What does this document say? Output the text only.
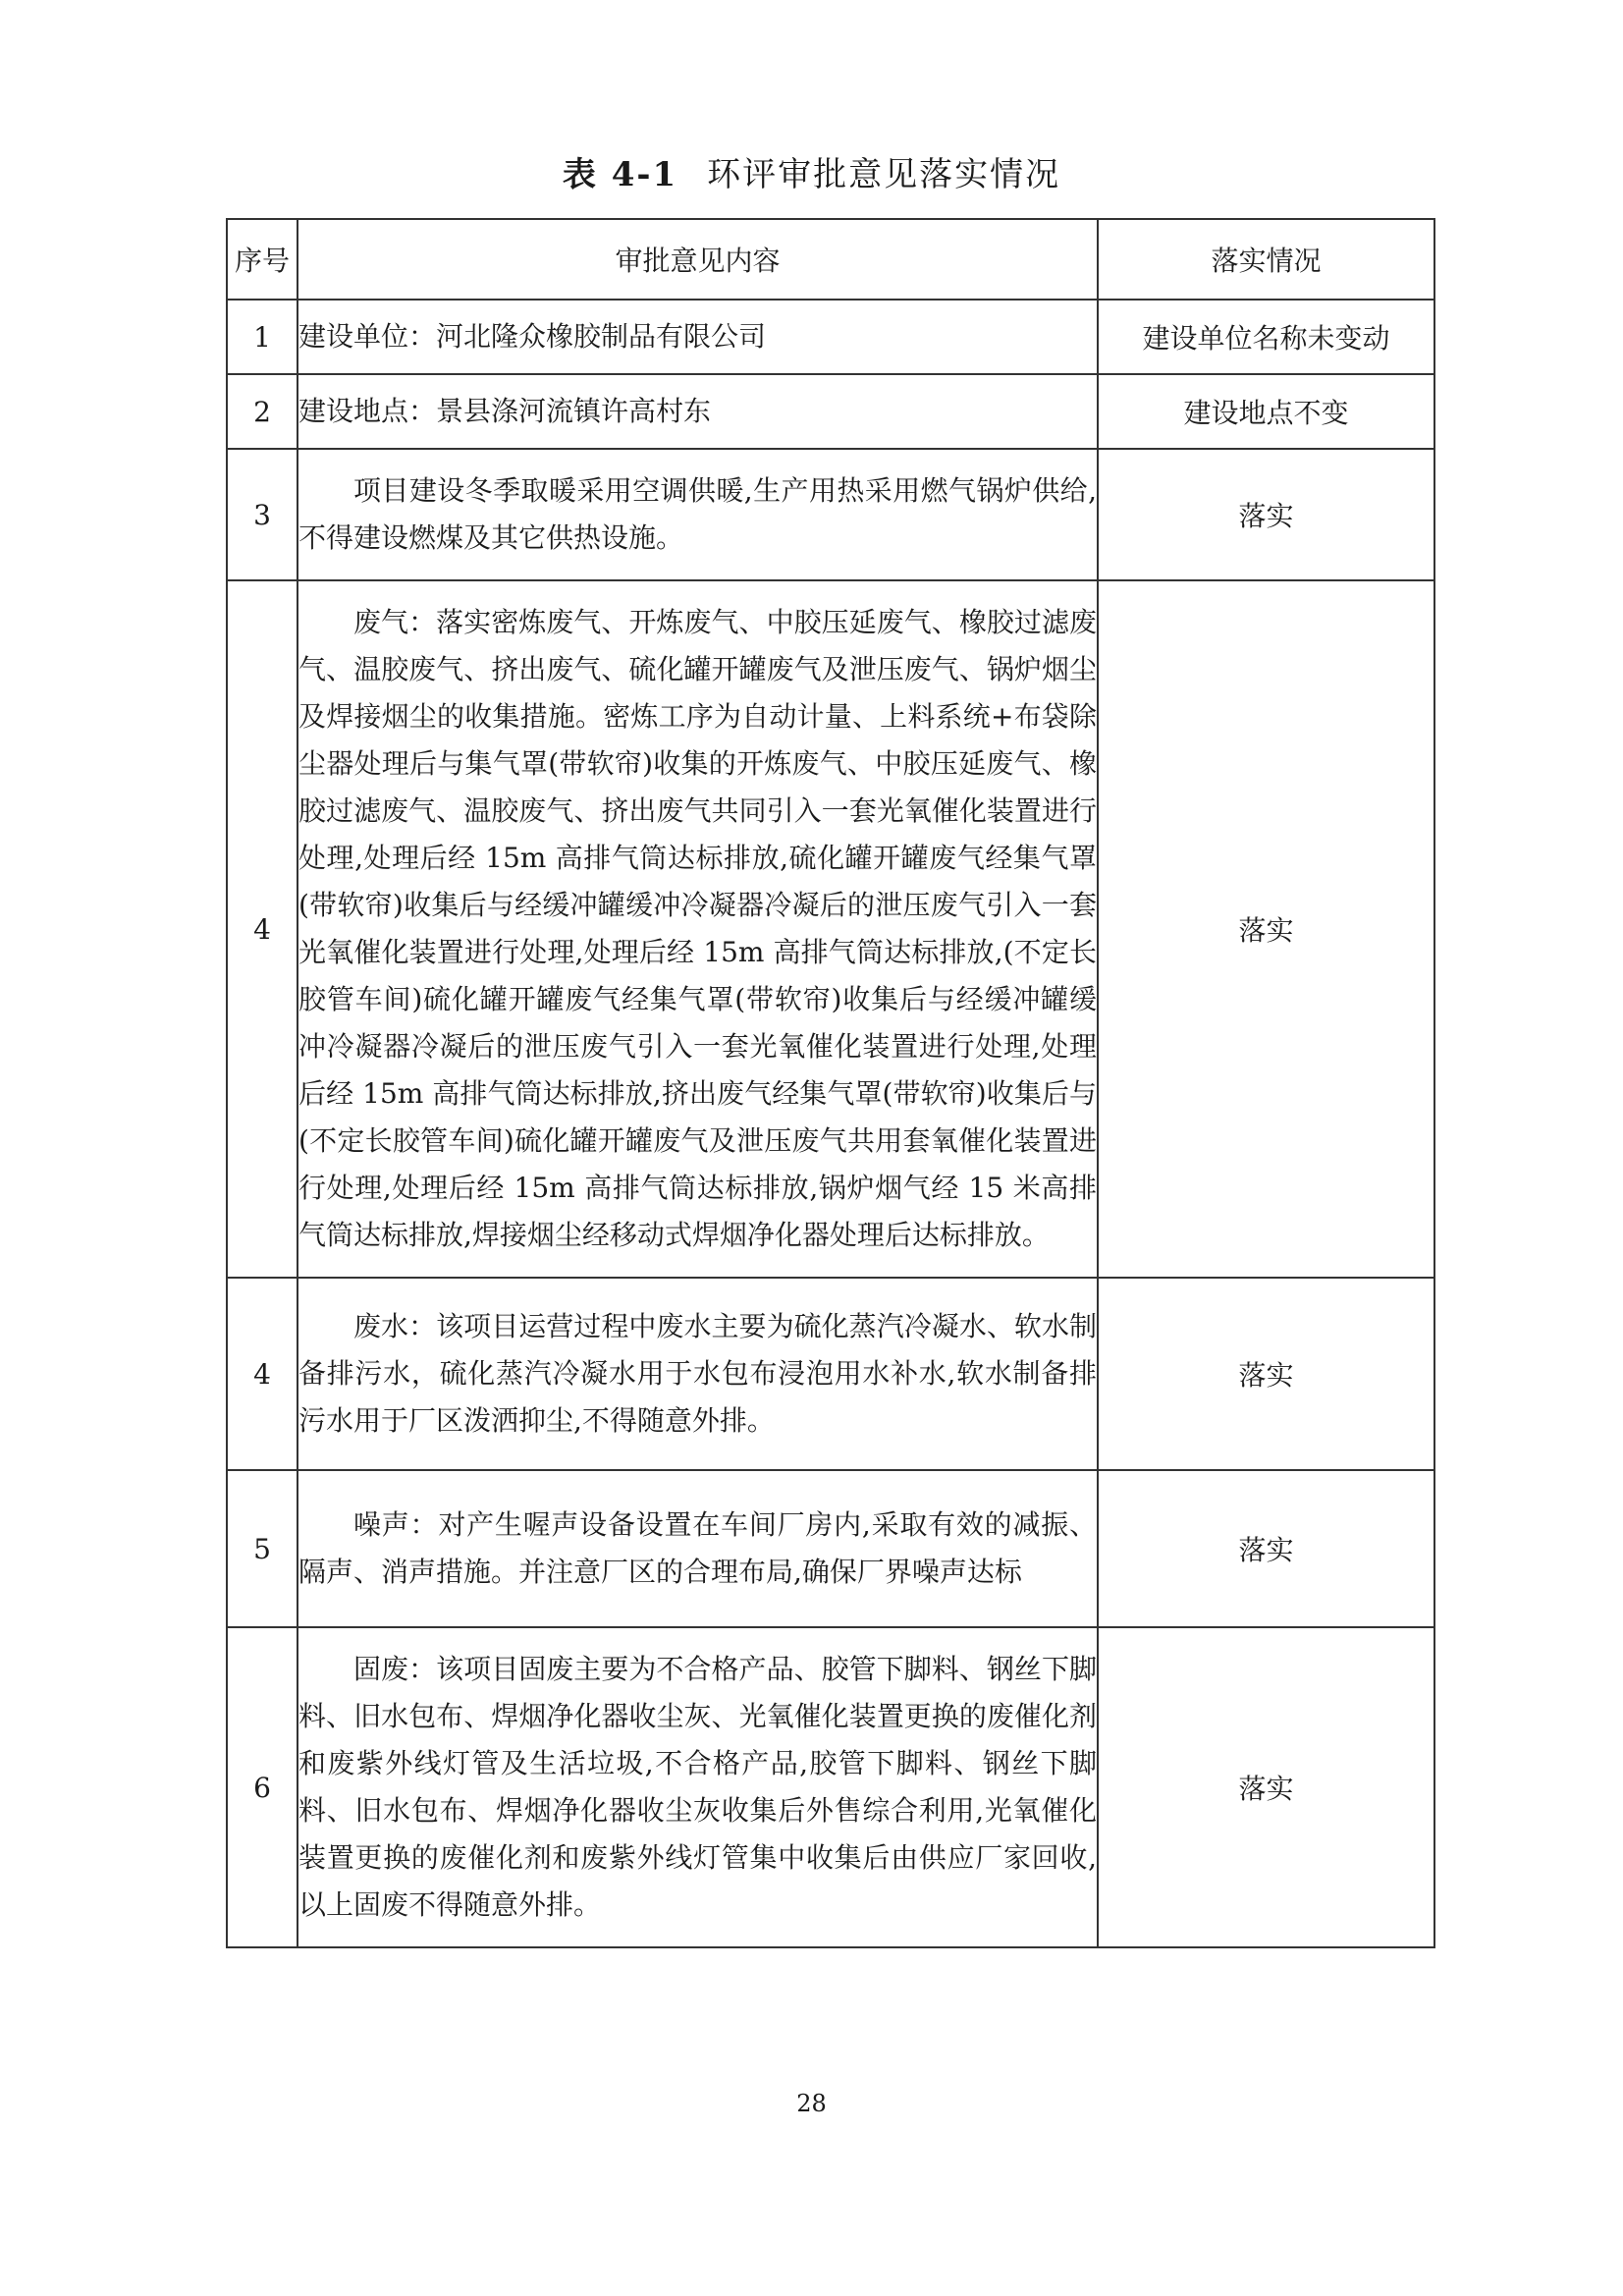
表 4-1 环评审批意见落实情况
序号	审批意见内容	落实情况
1	建设单位：河北隆众橡胶制品有限公司	建设单位名称未变动
2	建设地点：景县涤河流镇许高村东	建设地点不变
3	项目建设冬季取暖采用空调供暖,生产用热采用燃气锅炉供给,不得建设燃煤及其它供热设施。	落实
4	废气：落实密炼废气、开炼废气、中胶压延废气、橡胶过滤废气、温胶废气、挤出废气、硫化罐开罐废气及泄压废气、锅炉烟尘及焊接烟尘的收集措施。密炼工序为自动计量、上料系统+布袋除尘器处理后与集气罩(带软帘)收集的开炼废气、中胶压延废气、橡胶过滤废气、温胶废气、挤出废气共同引入一套光氧催化装置进行处理,处理后经 15m 高排气筒达标排放,硫化罐开罐废气经集气罩(带软帘)收集后与经缓冲罐缓冲冷凝器冷凝后的泄压废气引入一套光氧催化装置进行处理,处理后经 15m 高排气筒达标排放,(不定长胶管车间)硫化罐开罐废气经集气罩(带软帘)收集后与经缓冲罐缓冲冷凝器冷凝后的泄压废气引入一套光氧催化装置进行处理,处理后经 15m 高排气筒达标排放,挤出废气经集气罩(带软帘)收集后与(不定长胶管车间)硫化罐开罐废气及泄压废气共用套氧催化装置进行处理,处理后经 15m 高排气筒达标排放,锅炉烟气经 15 米高排气筒达标排放,焊接烟尘经移动式焊烟净化器处理后达标排放。	落实
4	废水：该项目运营过程中废水主要为硫化蒸汽冷凝水、软水制备排污水，硫化蒸汽冷凝水用于水包布浸泡用水补水,软水制备排污水用于厂区泼洒抑尘,不得随意外排。	落实
5	噪声：对产生喔声设备设置在车间厂房内,采取有效的减振、隔声、消声措施。并注意厂区的合理布局,确保厂界噪声达标	落实
6	固废：该项目固废主要为不合格产品、胶管下脚料、钢丝下脚料、旧水包布、焊烟净化器收尘灰、光氧催化装置更换的废催化剂和废紫外线灯管及生活垃圾,不合格产品,胶管下脚料、钢丝下脚料、旧水包布、焊烟净化器收尘灰收集后外售综合利用,光氧催化装置更换的废催化剂和废紫外线灯管集中收集后由供应厂家回收,以上固废不得随意外排。	落实
28
